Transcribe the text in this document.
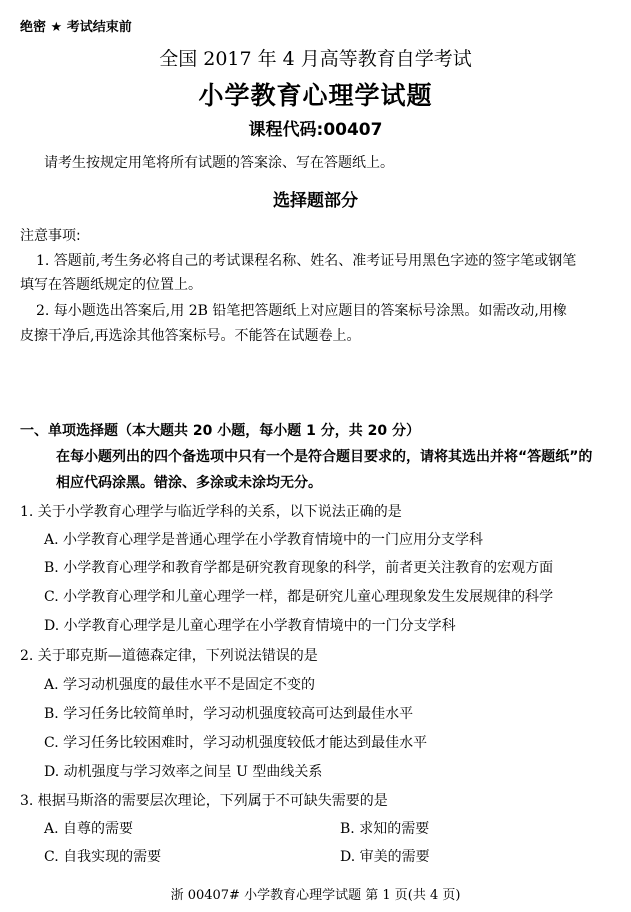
绝密 ★ 考试结束前
全国 2017 年 4 月高等教育自学考试
小学教育心理学试题
课程代码:00407
请考生按规定用笔将所有试题的答案涂、写在答题纸上。
选择题部分
注意事项:
1. 答题前,考生务必将自己的考试课程名称、姓名、准考证号用黑色字迹的签字笔或钢笔
填写在答题纸规定的位置上。
2. 每小题选出答案后,用 2B 铅笔把答题纸上对应题目的答案标号涂黑。如需改动,用橡
皮擦干净后,再选涂其他答案标号。不能答在试题卷上。
一、单项选择题（本大题共 20 小题，每小题 1 分，共 20 分）
在每小题列出的四个备选项中只有一个是符合题目要求的，请将其选出并将“答题纸”的
相应代码涂黑。错涂、多涂或未涂均无分。
1. 关于小学教育心理学与临近学科的关系，以下说法正确的是
A. 小学教育心理学是普通心理学在小学教育情境中的一门应用分支学科
B. 小学教育心理学和教育学都是研究教育现象的科学，前者更关注教育的宏观方面
C. 小学教育心理学和儿童心理学一样，都是研究儿童心理现象发生发展规律的科学
D. 小学教育心理学是儿童心理学在小学教育情境中的一门分支学科
2. 关于耶克斯—道德森定律，下列说法错误的是
A. 学习动机强度的最佳水平不是固定不变的
B. 学习任务比较简单时，学习动机强度较高可达到最佳水平
C. 学习任务比较困难时，学习动机强度较低才能达到最佳水平
D. 动机强度与学习效率之间呈 U 型曲线关系
3. 根据马斯洛的需要层次理论，下列属于不可缺失需要的是
A. 自尊的需要	B. 求知的需要
C. 自我实现的需要	D. 审美的需要
浙 00407# 小学教育心理学试题 第 1 页(共 4 页)
